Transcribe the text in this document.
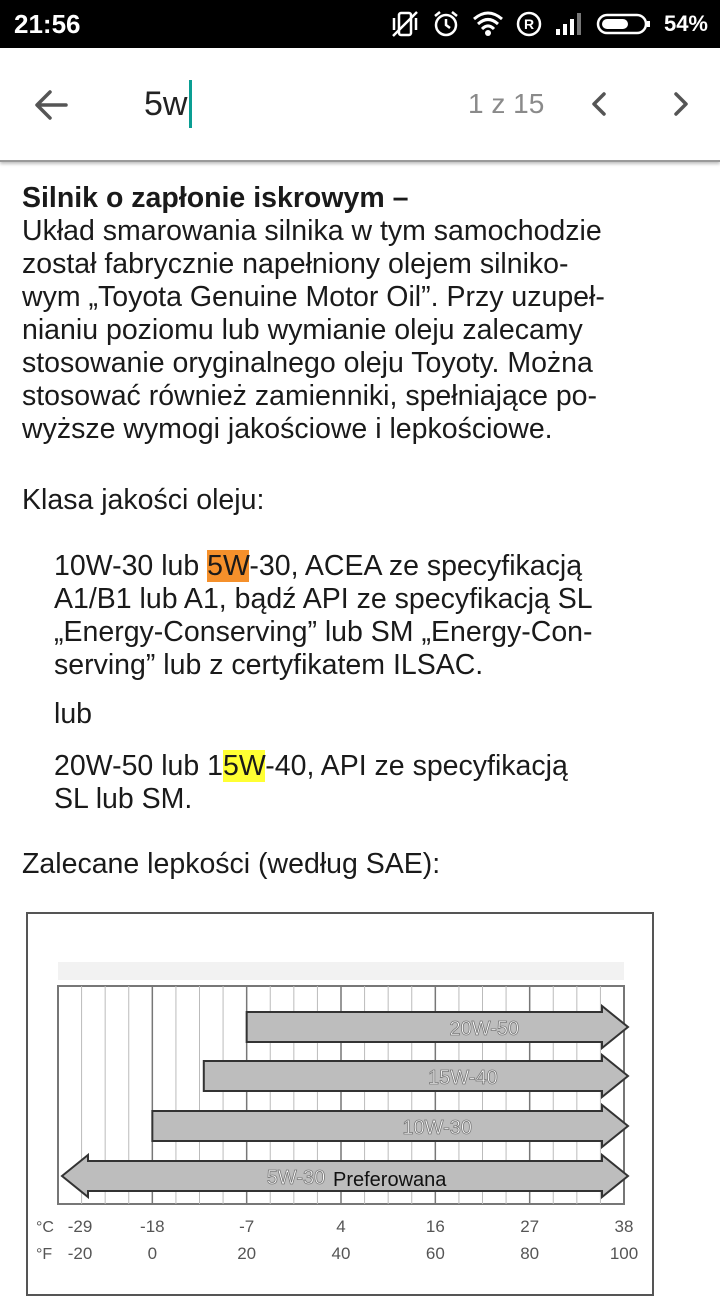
21:56	R	54%
5w
1 z 15
Silnik o zapłonie iskrowym –

Układ smarowania silnika w tym samochodzie

został fabrycznie napełniony olejem silniko-

wym „Toyota Genuine Motor Oil”. Przy uzupeł-

nianiu poziomu lub wymianie oleju zalecamy

stosowanie oryginalnego oleju Toyoty. Można

stosować również zamienniki, spełniające po-

wyższe wymogi jakościowe i lepkościowe.

Klasa jakości oleju:

10W-30 lub 5W-30, ACEA ze specyfikacją

A1/B1 lub A1, bądź API ze specyfikacją SL

„Energy-Conserving” lub SM „Energy-Con-

serving” lub z certyfikatem ILSAC.

lub

20W-50 lub 15W-40, API ze specyfikacją

SL lub SM.

Zalecane lepkości (według SAE):
20W-50
15W-40
10W-30
5W-30 Preferowana
°C
°F
-29	-18	-7	4	16	27	38
-20	0	20	40	60	80	100
